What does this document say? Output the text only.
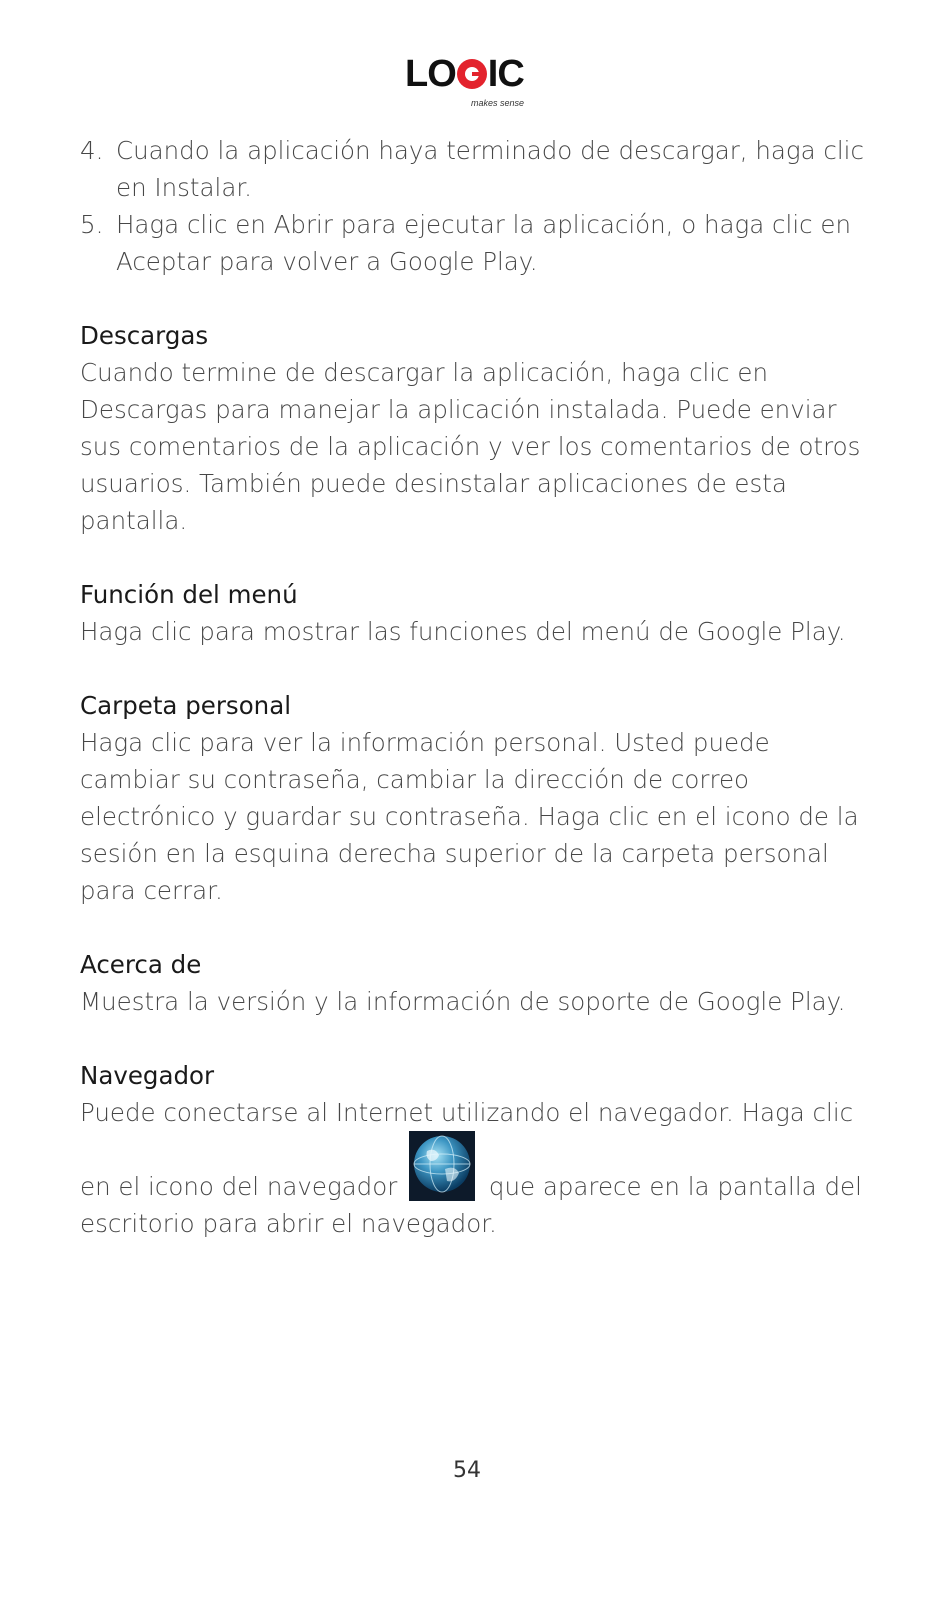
LO IC
makes sense
4. Cuando la aplicación haya terminado de descargar, haga clic en Instalar.
5. Haga clic en Abrir para ejecutar la aplicación, o haga clic en Aceptar para volver a Google Play.
Descargas

Cuando termine de descargar la aplicación, haga clic en Descargas para manejar la aplicación instalada. Puede enviar sus comentarios de la aplicación y ver los comentarios de otros usuarios. También puede desinstalar aplicaciones de esta pantalla.

Función del menú

Haga clic para mostrar las funciones del menú de Google Play.

Carpeta personal

Haga clic para ver la información personal. Usted puede cambiar su contraseña, cambiar la dirección de correo electrónico y guardar su contraseña. Haga clic en el icono de la sesión en la esquina derecha superior de la carpeta personal para cerrar.

Acerca de

Muestra la versión y la información de soporte de Google Play.

Navegador

Puede conectarse al Internet utilizando el navegador. Haga clic en el icono del navegador	que aparece en la pantalla del escritorio para abrir el navegador.

54
